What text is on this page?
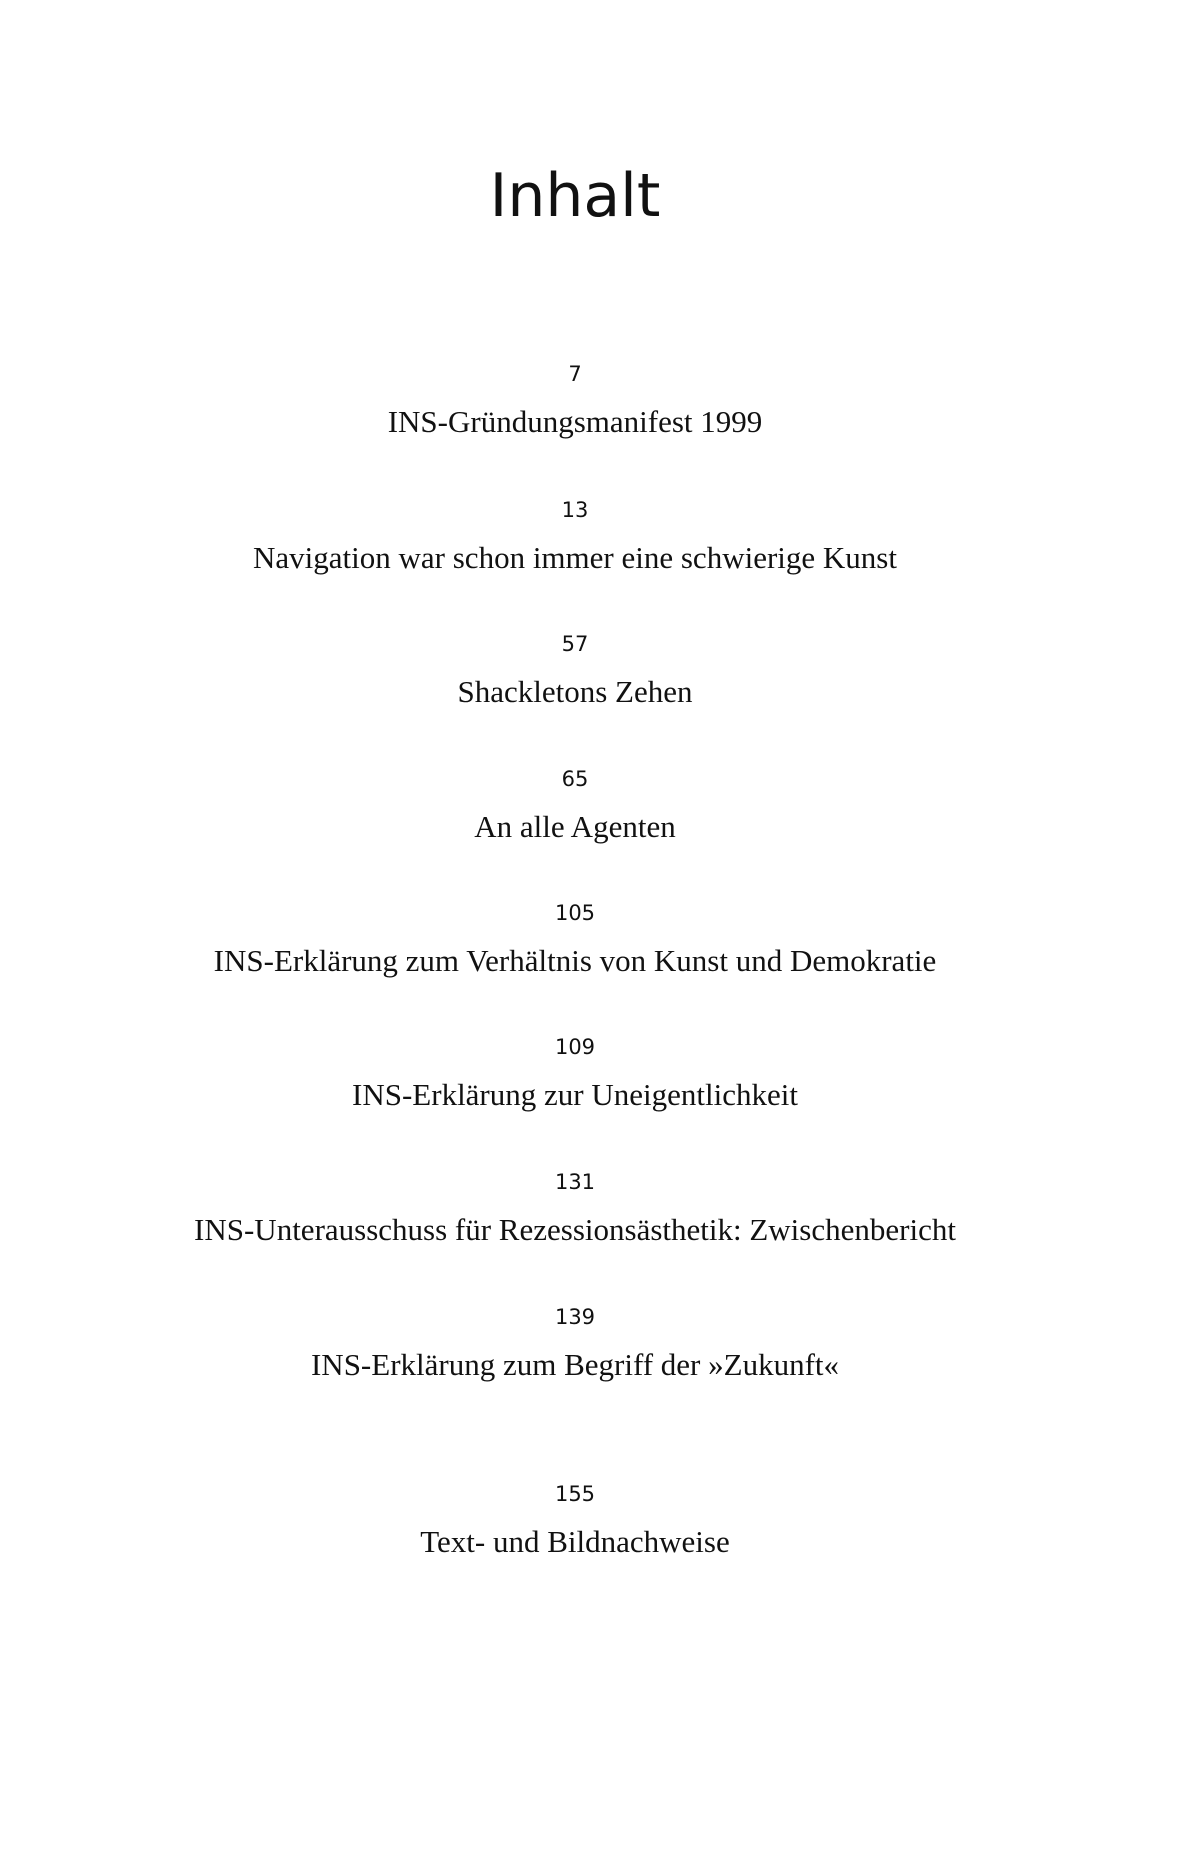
Inhalt
7
INS-Gründungsmanifest 1999
13
Navigation war schon immer eine schwierige Kunst
57
Shackletons Zehen
65
An alle Agenten
105
INS-Erklärung zum Verhältnis von Kunst und Demokratie
109
INS-Erklärung zur Uneigentlichkeit
131
INS-Unterausschuss für Rezessionsästhetik: Zwischenbericht
139
INS-Erklärung zum Begriff der »Zukunft«
155
Text- und Bildnachweise
